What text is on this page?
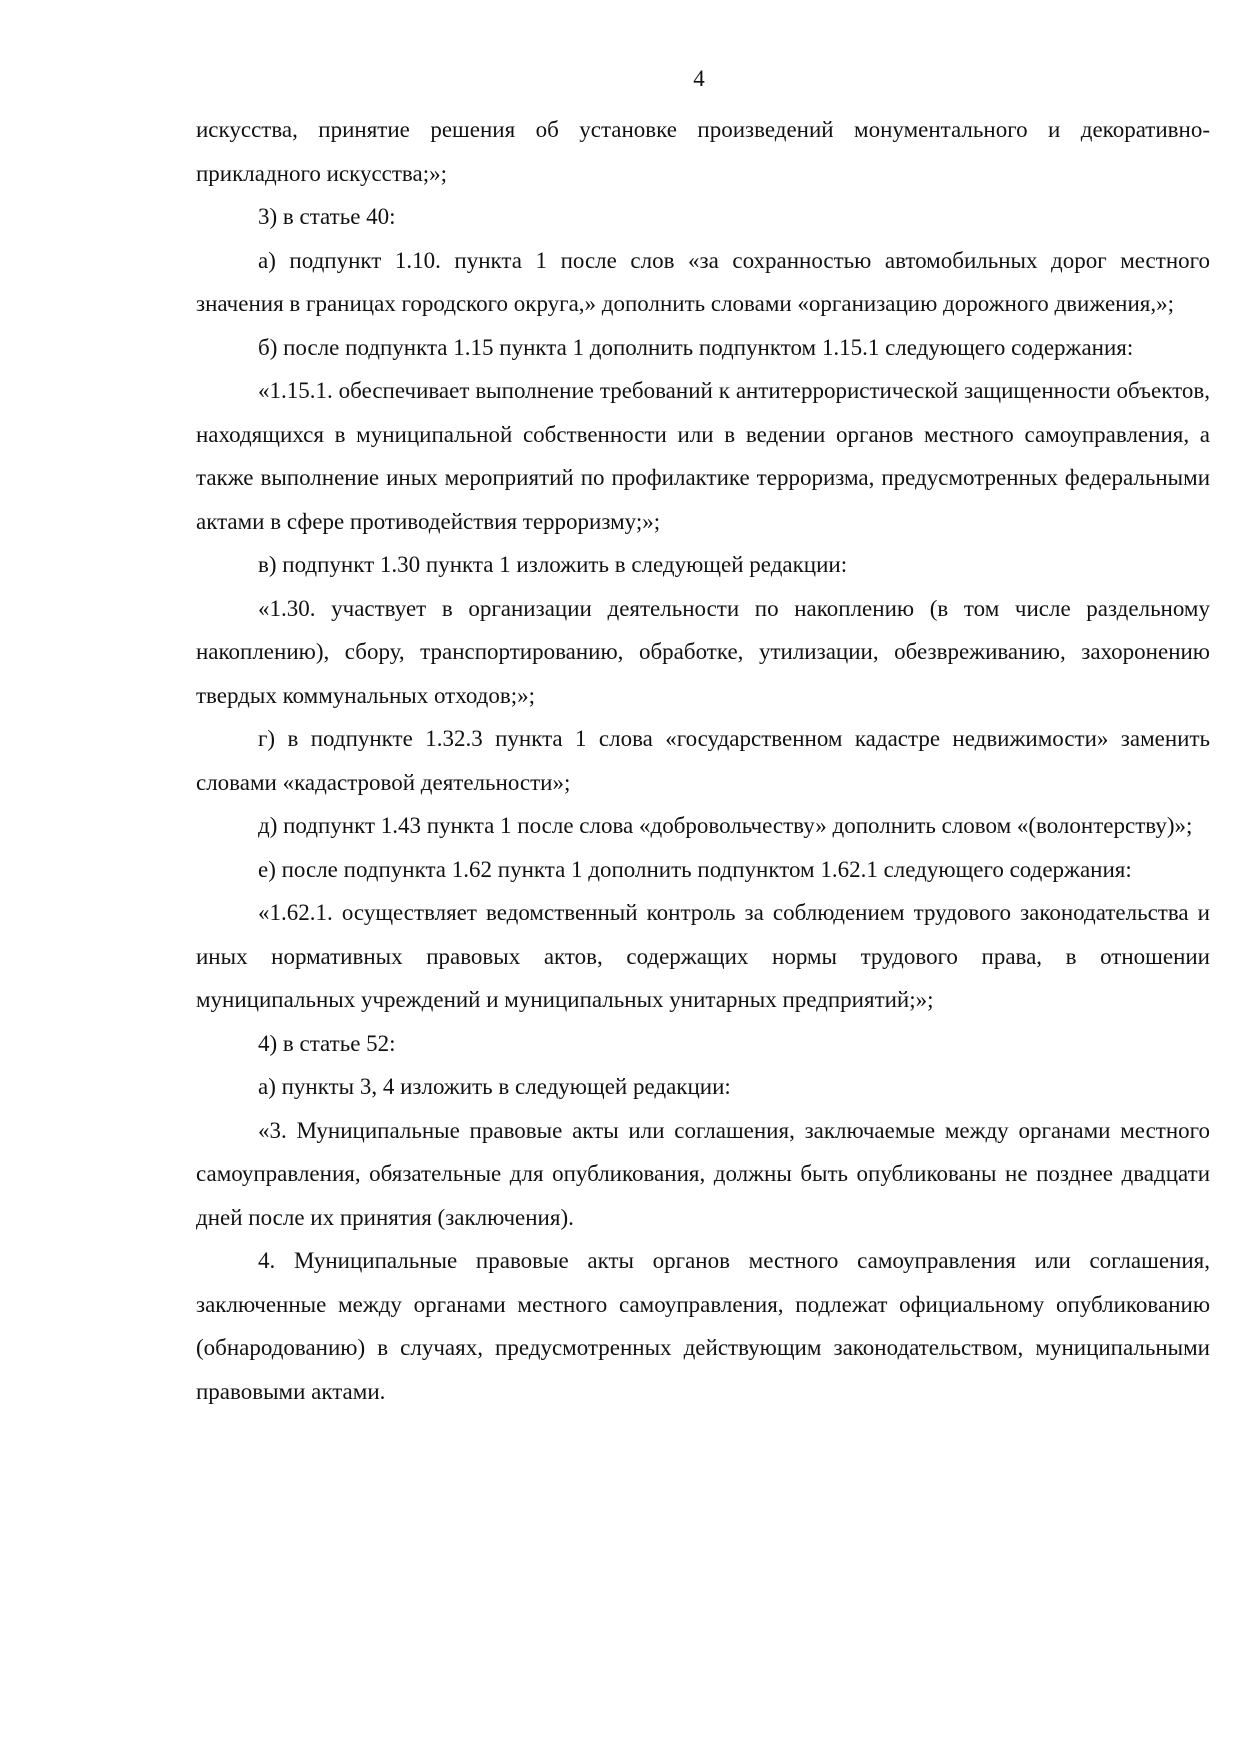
4

искусства, принятие решения об установке произведений монументального и декоративно-прикладного искусства;»;

3) в статье 40:

а) подпункт 1.10. пункта 1 после слов «за сохранностью автомобильных дорог местного значения в границах городского округа,» дополнить словами «организацию дорожного движения,»;

б) после подпункта 1.15 пункта 1 дополнить подпунктом 1.15.1 следующего содержания:

«1.15.1. обеспечивает выполнение требований к антитеррористической защищенности объектов, находящихся в муниципальной собственности или в ведении органов местного самоуправления, а также выполнение иных мероприятий по профилактике терроризма, предусмотренных федеральными актами в сфере противодействия терроризму;»;

в) подпункт 1.30 пункта 1 изложить в следующей редакции:

«1.30. участвует в организации деятельности по накоплению (в том числе раздельному накоплению), сбору, транспортированию, обработке, утилизации, обезвреживанию, захоронению твердых коммунальных отходов;»;

г) в подпункте 1.32.3 пункта 1 слова «государственном кадастре недвижимости» заменить словами «кадастровой деятельности»;

д) подпункт 1.43 пункта 1 после слова «добровольчеству» дополнить словом «(волонтерству)»;

е) после подпункта 1.62 пункта 1 дополнить подпунктом 1.62.1 следующего содержания:

«1.62.1. осуществляет ведомственный контроль за соблюдением трудового законодательства и иных нормативных правовых актов, содержащих нормы трудового права, в отношении муниципальных учреждений и муниципальных унитарных предприятий;»;

4) в статье 52:

а) пункты 3, 4 изложить в следующей редакции:

«3. Муниципальные правовые акты или соглашения, заключаемые между органами местного самоуправления, обязательные для опубликования, должны быть опубликованы не позднее двадцати дней после их принятия (заключения).

4. Муниципальные правовые акты органов местного самоуправления или соглашения, заключенные между органами местного самоуправления, подлежат официальному опубликованию (обнародованию) в случаях, предусмотренных действующим законодательством, муниципальными правовыми актами.
